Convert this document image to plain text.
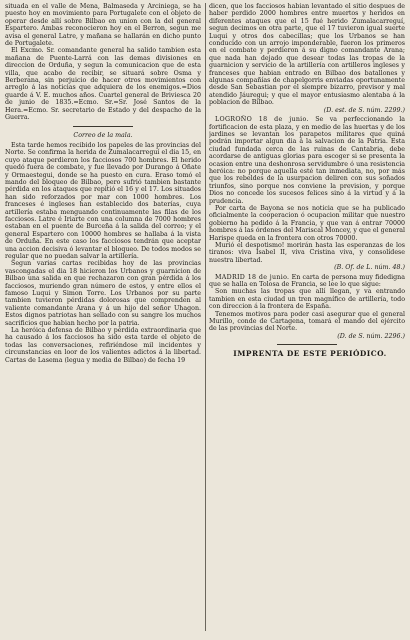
situada en el valle de Mena, Balmaseda y Arciniega, se ha puesto hoy en movimiento para Portugalete con el objeto de operar desde allí sobre Bilbao en union con la del general Espartero. Ambas reconocieron hoy en el Berron, segun me avisa el general Latre, y mañana se hallarán en dicho punto de Portugalete.

El Excmo. Sr. comandante general ha salido tambien esta mañana de Puente-Larrá con las demas divisiones en direccion de Orduña, y segun la comunicacion que de esta villa, que acabo de recibir, se situará sobre Osma y Berberana, sin perjuicio de hacer otros movimientos con arreglo á las noticias que adquiera de los enemigos.=Dios guarde á V. E. muchos años. Cuartel general de Briviesca 20 de junio de 1835.=Ecmo. Sr.=Sr. José Santos de la Hera.=Ecmo. Sr. secretario de Estado y del despacho de la Guerra.

Correo de la mala.

Esta tarde hemos recibido los papeles de las provincias del Norte. Se confirma la herida de Zumalacarreguí el dia 15, en cuyo ataque perdieron los facciosos 700 hombres. El herido quedó fuera de combate, y fue llevado por Durango á Oñate y Ormaestegui, donde se ha puesto en cura. Eraso tomó el mando del bloqueo de Bilbao, pero sufrió tambien bastante pérdida en los ataques que repitió el 16 y el 17. Los situados han sido reforzados por mar con 1000 hombres. Los franceses é ingleses han establecido dos baterías, cuya artillería estaba menguando continuamente las filas de los facciosos. Latre é Iriarte con una columna de 7000 hombres estaban en el puente de Burceña á la salida del correo; y el general Espartero con 10000 hombres se hallaba á la vista de Orduña. En este caso los facciosos tendrán que aceptar una accion decisiva ó levantar el bloqueo. De todos modos se regular que no puedan salvar la artillería.

Segun varias cartas recibidas hoy de las provincias vascongadas el dia 18 hicieron los Urbanos y guarnicion de Bilbao una salida en que rechazaron con gran pérdida á los facciosos, muriendo gran número de estos, y entre ellos el famoso Luqui y Simon Torre. Los Urbanos por su parte tambien tuvieron pérdidas dolorosas que comprenden al valiente comandante Arana y á un hijo del señor Uhagon. Estos dignos patriotas han sellado con su sangre los muchos sacrificios que habian hecho por la patria.

La heróica defensa de Bilbao y pérdida extraordinaria que ha causado á los facciosos ha sido esta tarde el objeto de todas las conversaciones, refiriéndose mil incidentes y circunstancias en loor de los valientes adictos á la libertad. Cartas de Lasema (legua y media de Bilbao) de fecha 19

dicen, que los facciosos habian levantado el sitio despues de haber perdido 2000 hombres entre muertos y heridos en diferentes ataques que el 15 fué herido Zumalacarreguí, segun decimos en otra parte, que el 17 tuvieron igual suerte Luqui y otros dos cabecillas; que los Urbanos se han conducido con un arrojo imponderable, fueron los primeros en el combate y perdieron á su digno comandante Arana; que nada han dejado que desear todas las tropas de la guarnicion y servicio de la artillería con artilleros ingleses y franceses que habian entrado en Bilbao dos batallones y algunas compañías de chapelgorris enviadas oportunamente desde San Sebastian por el siempre bizarro, previsor y mal atendido Jáuregui; y que el mayor entusiasmo alentaba á la poblacion de Bilbao.

(D. est. de S. núm. 2299.)

LOGROÑO 18 de junio. Se va perfeccionando la fortificacion de esta plaza, y en medio de las huertas y de los jardines se levantan los parapetos militares que quiná podrán importar algun dia á la salvacion de la Patria. Esta ciudad fundada cerca de las ruinas de Cantabria, debe acordarse de antiguas glorias para escoger si se presenta la ocasion entre una deshonrosa servidumbre ó una resistencia heróica: no porque aquella esté tan inmediata, no, por más que los rebeldes de la usurpacion deliren con sus soñados triunfos, sino porque nos conviene la prevision, y porque Dios no concede los sucesos felices sino á la virtud y á la prudencia.

Por carta de Bayona se nos noticia que se ha publicado oficialmente la cooperacion ó ocupacion militar que nuestro gobierno ha pedido á la Francia, y que van á entrar 70000 hombres á las órdenes del Mariscal Moncey, y que el general Harispe queda en la frontera con otros 70000.

Murió el despotismo! morirán hasta las esperanzas de los tiranos: viva Isabel II, viva Cristina viva, y consolídese nuestra libertad.

(B. Of. de L. núm. 48.)

MADRID 18 de junio. En carta de persona muy fidedigna que se halla en Tolosa de Francia, se lee lo que sigue:

Son muchas las tropas que allí llegan, y va entrando tambien en esta ciudad un tren magnífico de artillería, todo con direccion á la frontera de España.

Tenemos motivos para poder casi asegurar que el general Murillo, conde de Cartagena, tomará el mando del ejército de las provincias del Norte.

(D. de S. núm. 2296.)

IMPRENTA DE ESTE PERIÓDICO.
